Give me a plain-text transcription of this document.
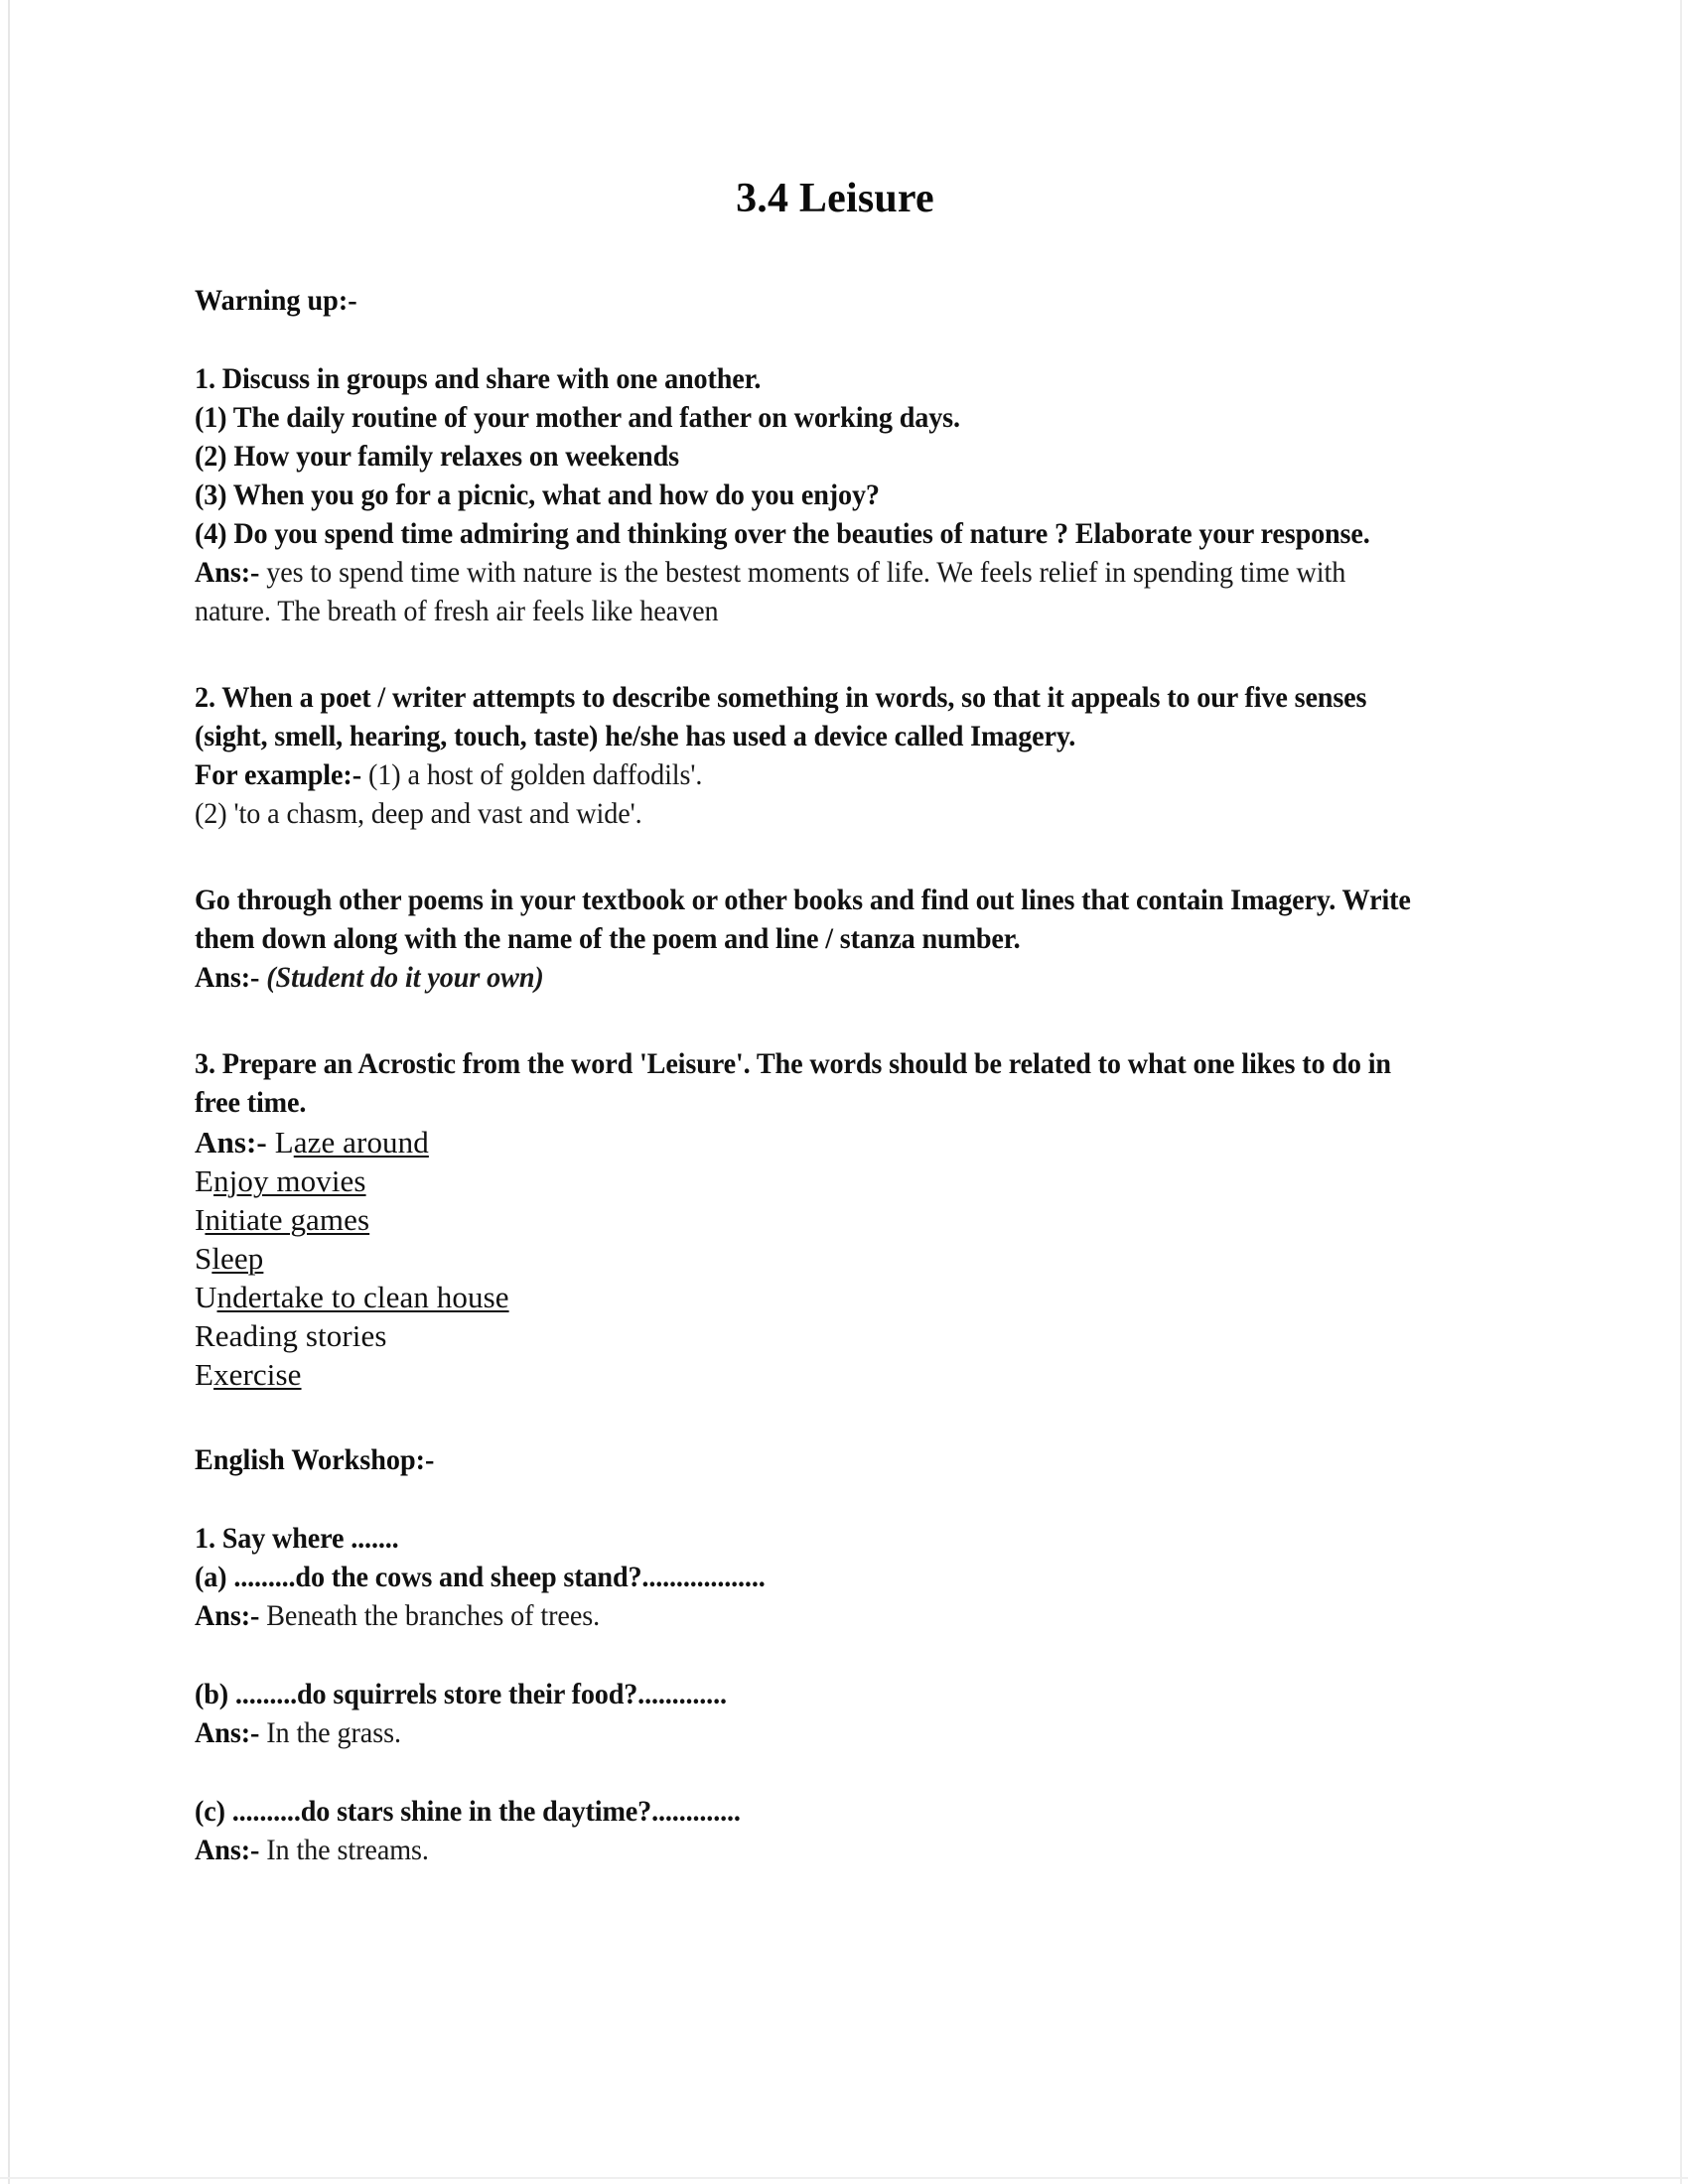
3.4 Leisure

Warning up:-

1. Discuss in groups and share with one another.

(1) The daily routine of your mother and father on working days.

(2) How your family relaxes on weekends

(3) When you go for a picnic, what and how do you enjoy?

(4) Do you spend time admiring and thinking over the beauties of nature ? Elaborate your response.

Ans:- yes to spend time with nature is the bestest moments of life. We feels relief in spending time with nature. The breath of fresh air feels like heaven

2. When a poet / writer attempts to describe something in words, so that it appeals to our five senses (sight, smell, hearing, touch, taste) he/she has used a device called Imagery.

For example:- (1) a host of golden daffodils'.

(2) 'to a chasm, deep and vast and wide'.

Go through other poems in your textbook or other books and find out lines that contain Imagery. Write them down along with the name of the poem and line / stanza number.

Ans:- (Student do it your own)

3. Prepare an Acrostic from the word 'Leisure'. The words should be related to what one likes to do in free time.

Ans:- Laze around

Enjoy movies

Initiate games

Sleep

Undertake to clean house

Reading stories

Exercise

English Workshop:-

1. Say where .......

(a) .........do the cows and sheep stand?..................

Ans:- Beneath the branches of trees.

(b) .........do squirrels store their food?.............

Ans:- In the grass.

(c) ..........do stars shine in the daytime?.............

Ans:- In the streams.
